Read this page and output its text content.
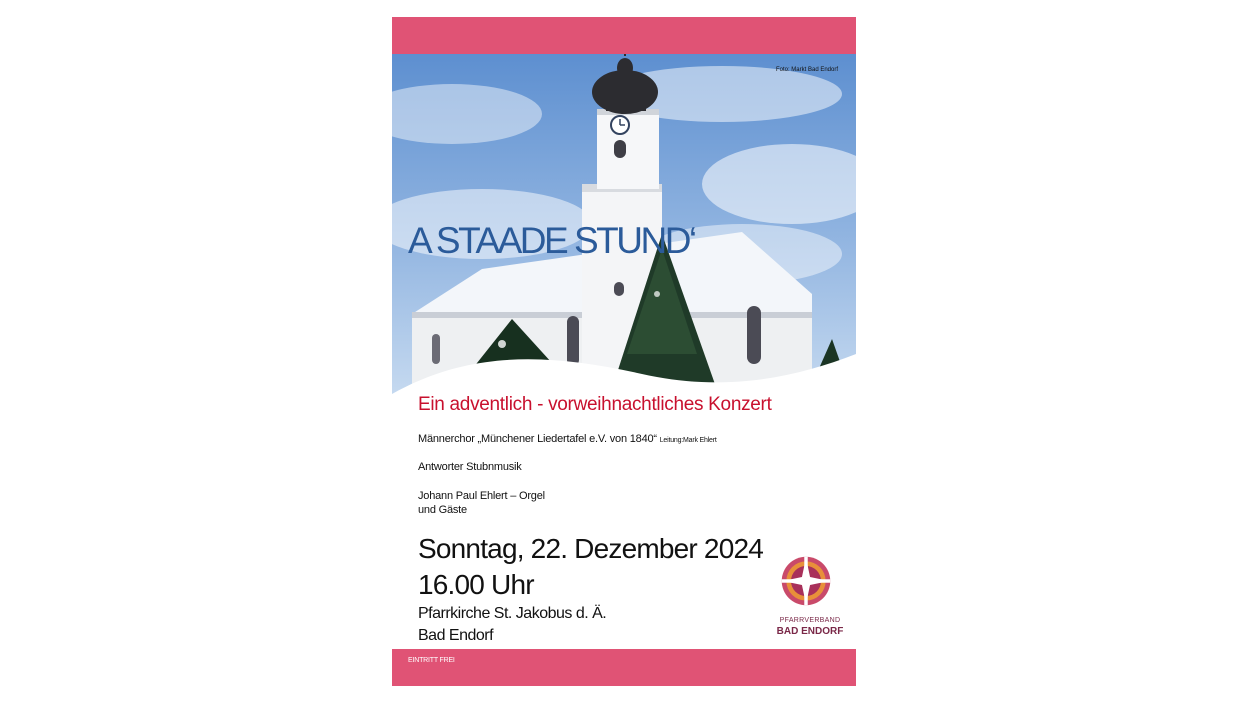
Foto: Markt Bad Endorf
A STAADE STUND‘
Ein adventlich - vorweihnachtliches Konzert
Männerchor „Münchener Liedertafel e.V. von 1840“ Leitung:Mark Ehlert
Antworter Stubnmusik
Johann Paul Ehlert – Orgel
und Gäste
Sonntag, 22. Dezember 2024
16.00 Uhr
Pfarrkirche St. Jakobus d. Ä.
Bad Endorf
PFARRVERBAND
BAD ENDORF
EINTRITT FREI
